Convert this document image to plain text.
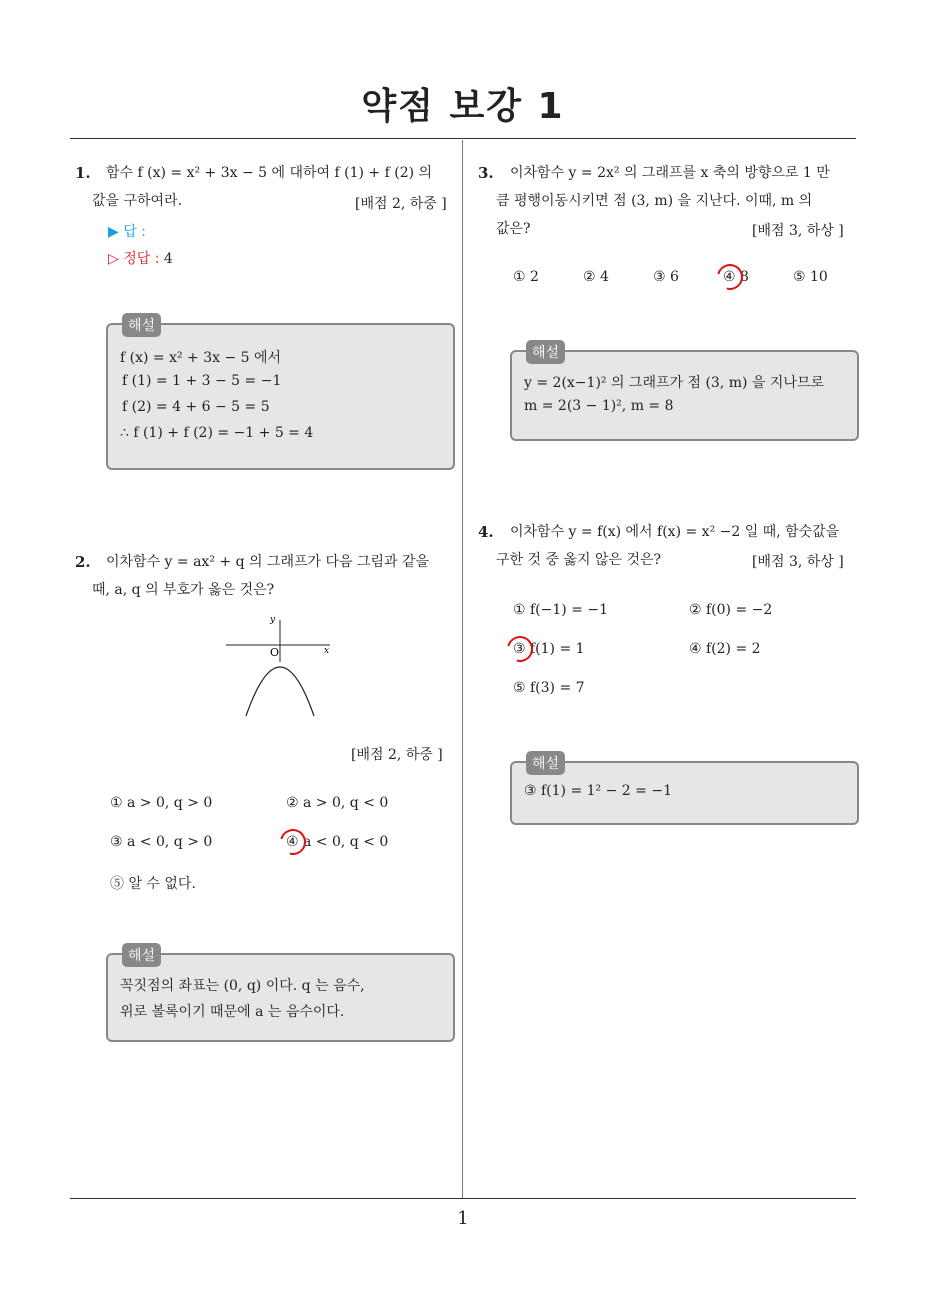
약점 보강 1
1. 함수 f (x) = x² + 3x − 5 에 대하여 f (1) + f (2) 의
값을 구하여라.	[배점 2, 하중 ]
▶ 답 :
▷ 정답 : 4
해설
f (x) = x² + 3x − 5 에서
f (1) = 1 + 3 − 5 = −1
f (2) = 4 + 6 − 5 = 5
∴ f (1) + f (2) = −1 + 5 = 4
2. 이차함수 y = ax² + q 의 그래프가 다음 그림과 같을
때, a, q 의 부호가 옳은 것은?
y
x
O
[배점 2, 하중 ]
① a > 0, q > 0	② a > 0, q < 0
③ a < 0, q > 0	④ a < 0, q < 0
⑤ 알 수 없다.
해설
꼭짓점의 좌표는 (0, q) 이다. q 는 음수,
위로 볼록이기 때문에 a 는 음수이다.
3. 이차함수 y = 2x² 의 그래프를 x 축의 방향으로 1 만
큼 평행이동시키면 점 (3, m) 을 지난다. 이때, m 의
값은?	[배점 3, 하상 ]
① 2	② 4	③ 6	④ 8	⑤ 10
해설
y = 2(x−1)² 의 그래프가 점 (3, m) 을 지나므로
m = 2(3 − 1)², m = 8
4. 이차함수 y = f(x) 에서 f(x) = x² −2 일 때, 함숫값을
구한 것 중 옳지 않은 것은?	[배점 3, 하상 ]
① f(−1) = −1	② f(0) = −2
③ f(1) = 1	④ f(2) = 2
⑤ f(3) = 7
해설
③ f(1) = 1² − 2 = −1
1
